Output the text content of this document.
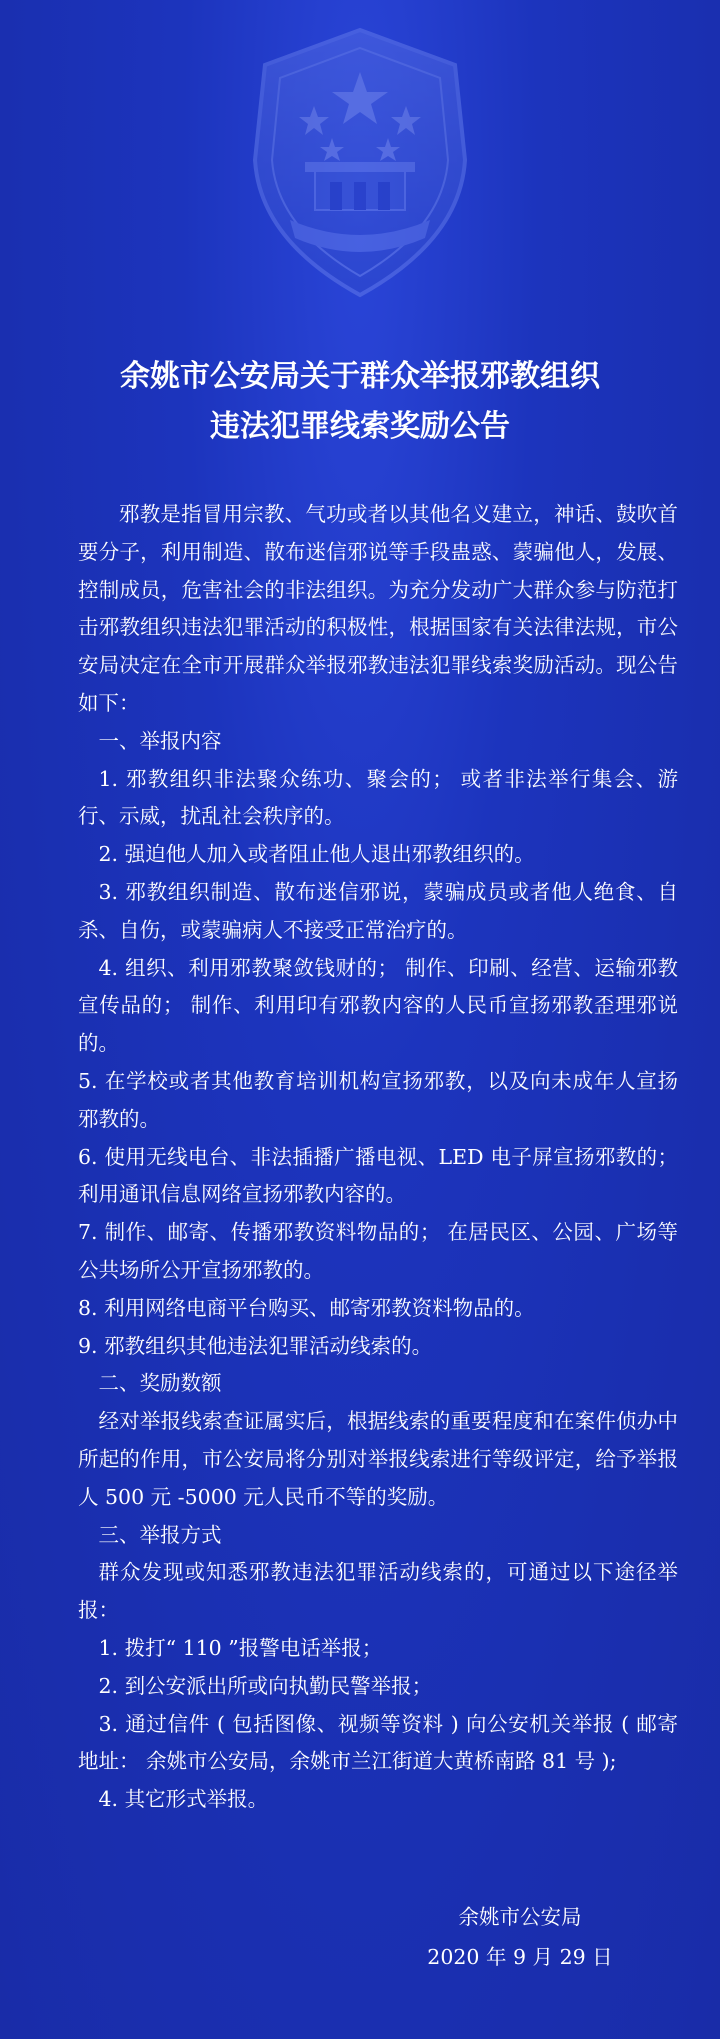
余姚市公安局关于群众举报邪教组织
违法犯罪线索奖励公告

邪教是指冒用宗教、气功或者以其他名义建立，神话、鼓吹首要分子，利用制造、散布迷信邪说等手段蛊惑、蒙骗他人，发展、控制成员，危害社会的非法组织。为充分发动广大群众参与防范打击邪教组织违法犯罪活动的积极性，根据国家有关法律法规，市公安局决定在全市开展群众举报邪教违法犯罪线索奖励活动。现公告如下：

一、举报内容

1. 邪教组织非法聚众练功、聚会的； 或者非法举行集会、游行、示威，扰乱社会秩序的。

2. 强迫他人加入或者阻止他人退出邪教组织的。

3. 邪教组织制造、散布迷信邪说，蒙骗成员或者他人绝食、自杀、自伤，或蒙骗病人不接受正常治疗的。

4. 组织、利用邪教聚敛钱财的； 制作、印刷、经营、运输邪教宣传品的； 制作、利用印有邪教内容的人民币宣扬邪教歪理邪说的。

5. 在学校或者其他教育培训机构宣扬邪教，以及向未成年人宣扬邪教的。

6. 使用无线电台、非法插播广播电视、LED 电子屏宣扬邪教的；利用通讯信息网络宣扬邪教内容的。

7. 制作、邮寄、传播邪教资料物品的； 在居民区、公园、广场等公共场所公开宣扬邪教的。

8. 利用网络电商平台购买、邮寄邪教资料物品的。

9. 邪教组织其他违法犯罪活动线索的。

二、奖励数额

经对举报线索查证属实后，根据线索的重要程度和在案件侦办中所起的作用，市公安局将分别对举报线索进行等级评定，给予举报人 500 元 -5000 元人民币不等的奖励。

三、举报方式

群众发现或知悉邪教违法犯罪活动线索的，可通过以下途径举报：

1. 拨打“ 110 ”报警电话举报；

2. 到公安派出所或向执勤民警举报；

3. 通过信件 ( 包括图像、视频等资料 ) 向公安机关举报 ( 邮寄地址： 余姚市公安局，余姚市兰江街道大黄桥南路 81 号 );

4. 其它形式举报。

余姚市公安局
2020 年 9 月 29 日
